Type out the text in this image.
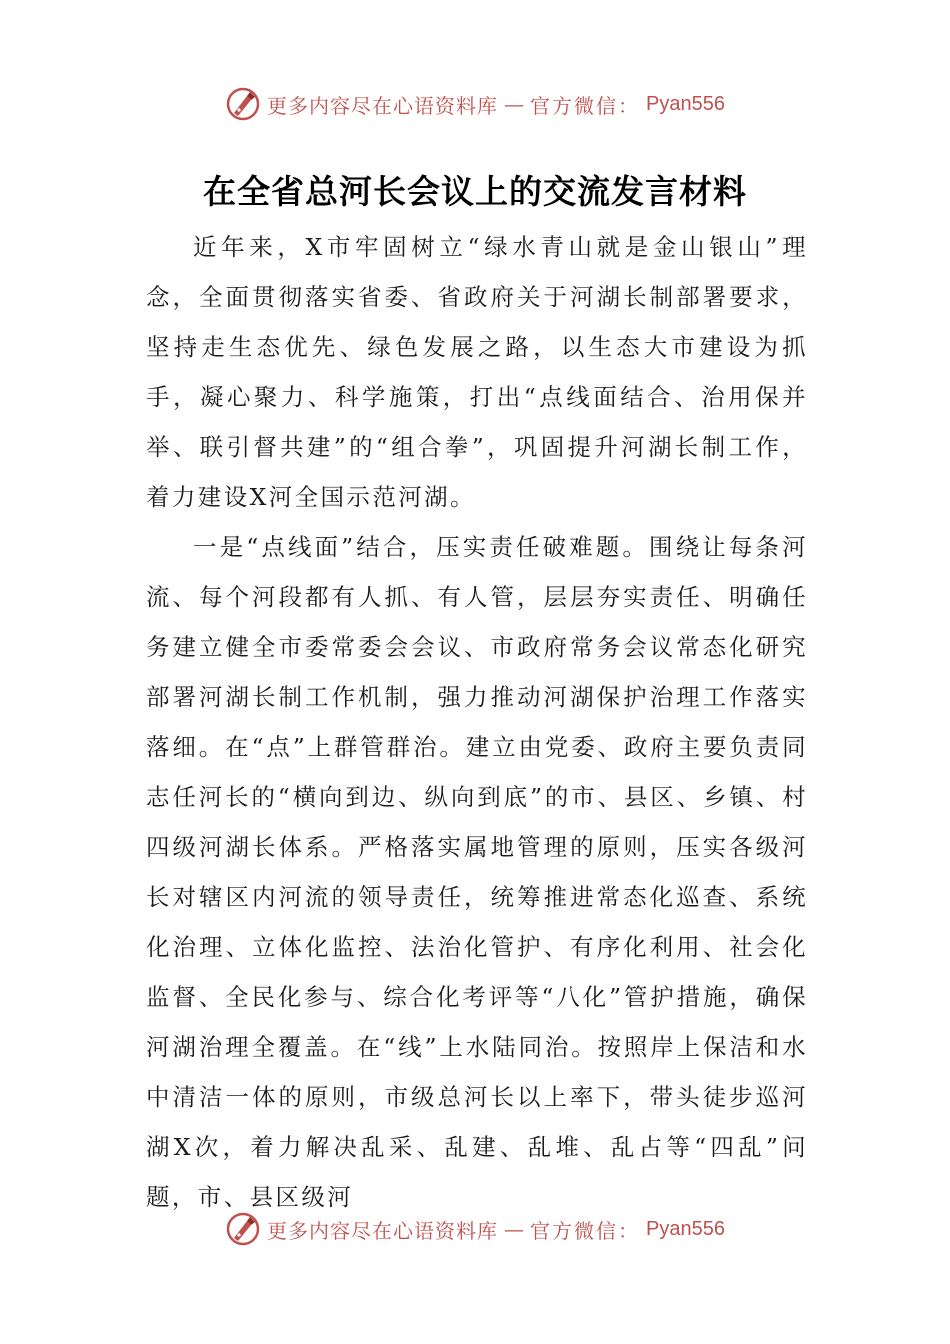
更多内容尽在心语资料库 — 官方微信： Pyan556
在全省总河长会议上的交流发言材料

近年来，X市牢固树立“绿水青山就是金山银山”理念，全面贯彻落实省委、省政府关于河湖长制部署要求，坚持走生态优先、绿色发展之路，以生态大市建设为抓手，凝心聚力、科学施策，打出“点线面结合、治用保并举、联引督共建”的“组合拳”，巩固提升河湖长制工作，着力建设X河全国示范河湖。

一是“点线面”结合，压实责任破难题。围绕让每条河流、每个河段都有人抓、有人管，层层夯实责任、明确任务建立健全市委常委会会议、市政府常务会议常态化研究部署河湖长制工作机制，强力推动河湖保护治理工作落实落细。在“点”上群管群治。建立由党委、政府主要负责同志任河长的“横向到边、纵向到底”的市、县区、乡镇、村四级河湖长体系。严格落实属地管理的原则，压实各级河长对辖区内河流的领导责任，统筹推进常态化巡查、系统化治理、立体化监控、法治化管护、有序化利用、社会化监督、全民化参与、综合化考评等“八化”管护措施，确保河湖治理全覆盖。在“线”上水陆同治。按照岸上保洁和水中清洁一体的原则，市级总河长以上率下，带头徒步巡河湖X次，着力解决乱采、乱建、乱堆、乱占等“四乱”问题，市、县区级河

更多内容尽在心语资料库 — 官方微信： Pyan556
